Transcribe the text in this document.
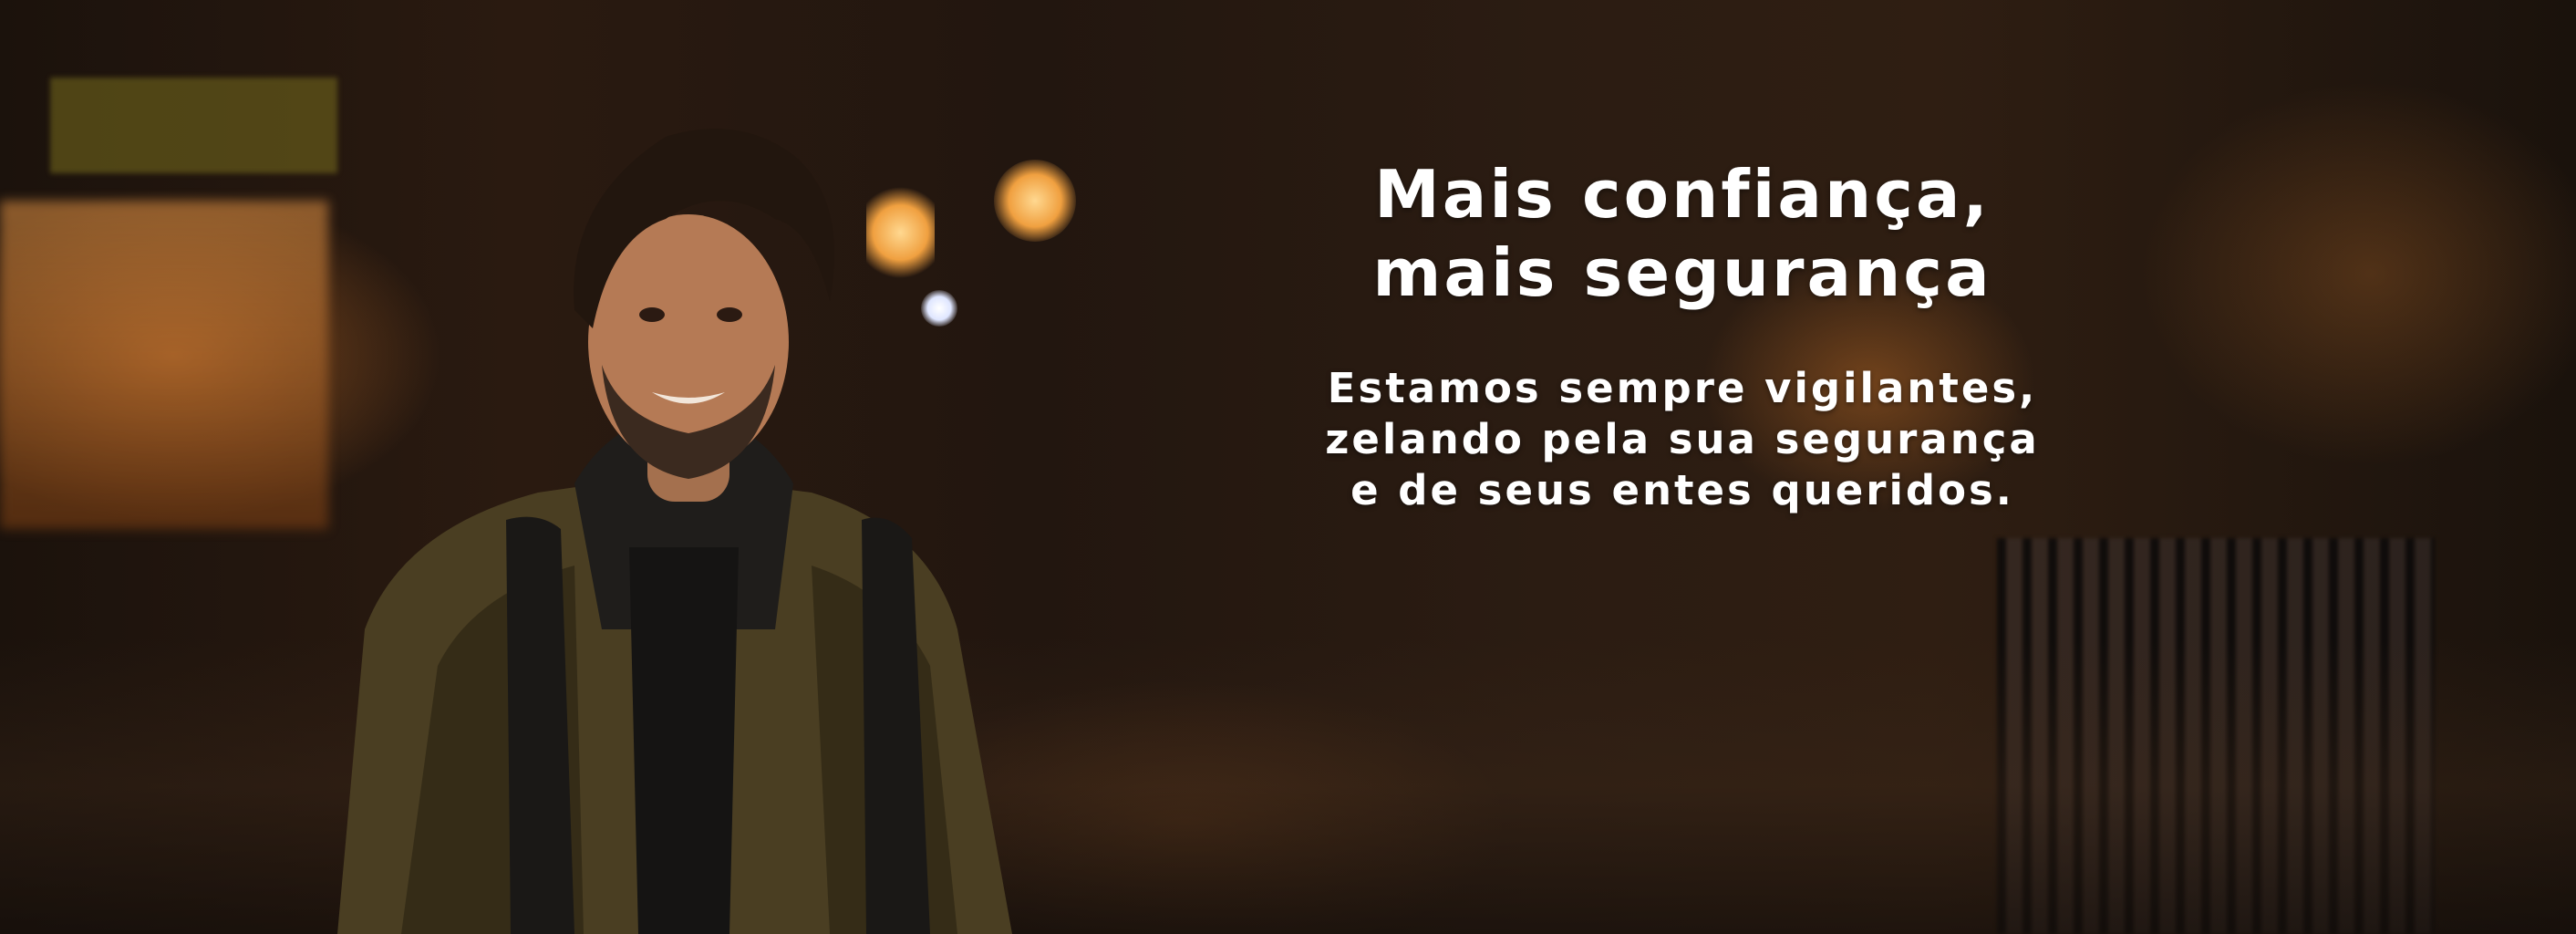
Mais confiança,
mais segurança

Estamos sempre vigilantes,
zelando pela sua segurança
e de seus entes queridos.
